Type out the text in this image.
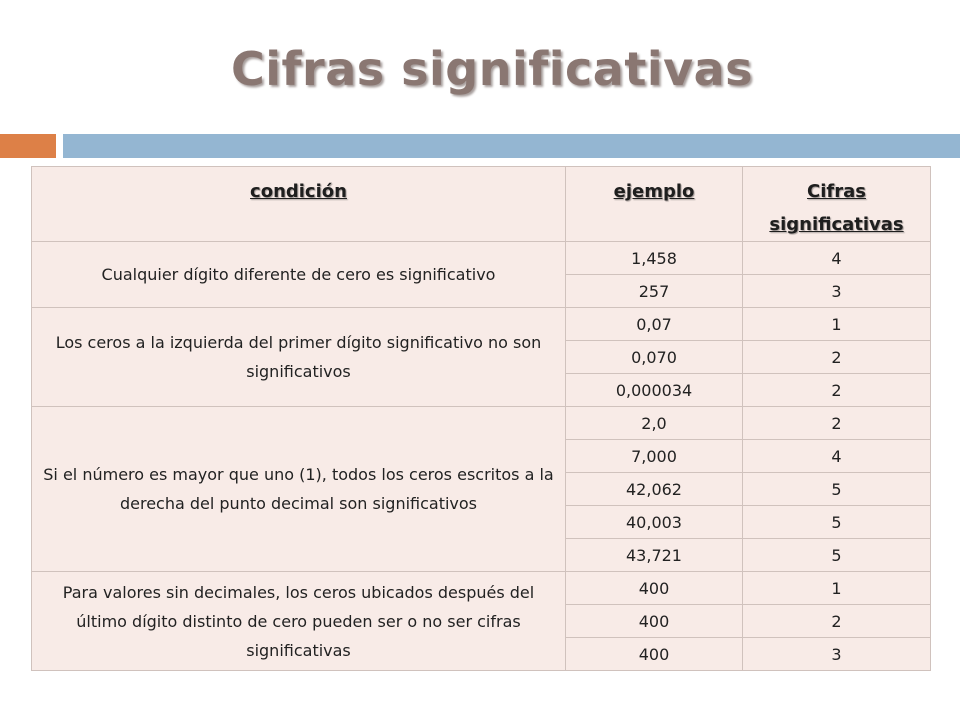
Cifras significativas
condición	ejemplo	Cifras significativas
Cualquier dígito diferente de cero es significativo	1,458	4
	257	3
Los ceros a la izquierda del primer dígito significativo no son significativos	0,07	1
	0,070	2
	0,000034	2
Si el número es mayor que uno (1), todos los ceros escritos a la derecha del punto decimal son significativos	2,0	2
	7,000	4
	42,062	5
	40,003	5
	43,721	5
Para valores sin decimales, los ceros ubicados después del último dígito distinto de cero pueden ser o no ser cifras significativas	400	1
	400	2
	400	3
